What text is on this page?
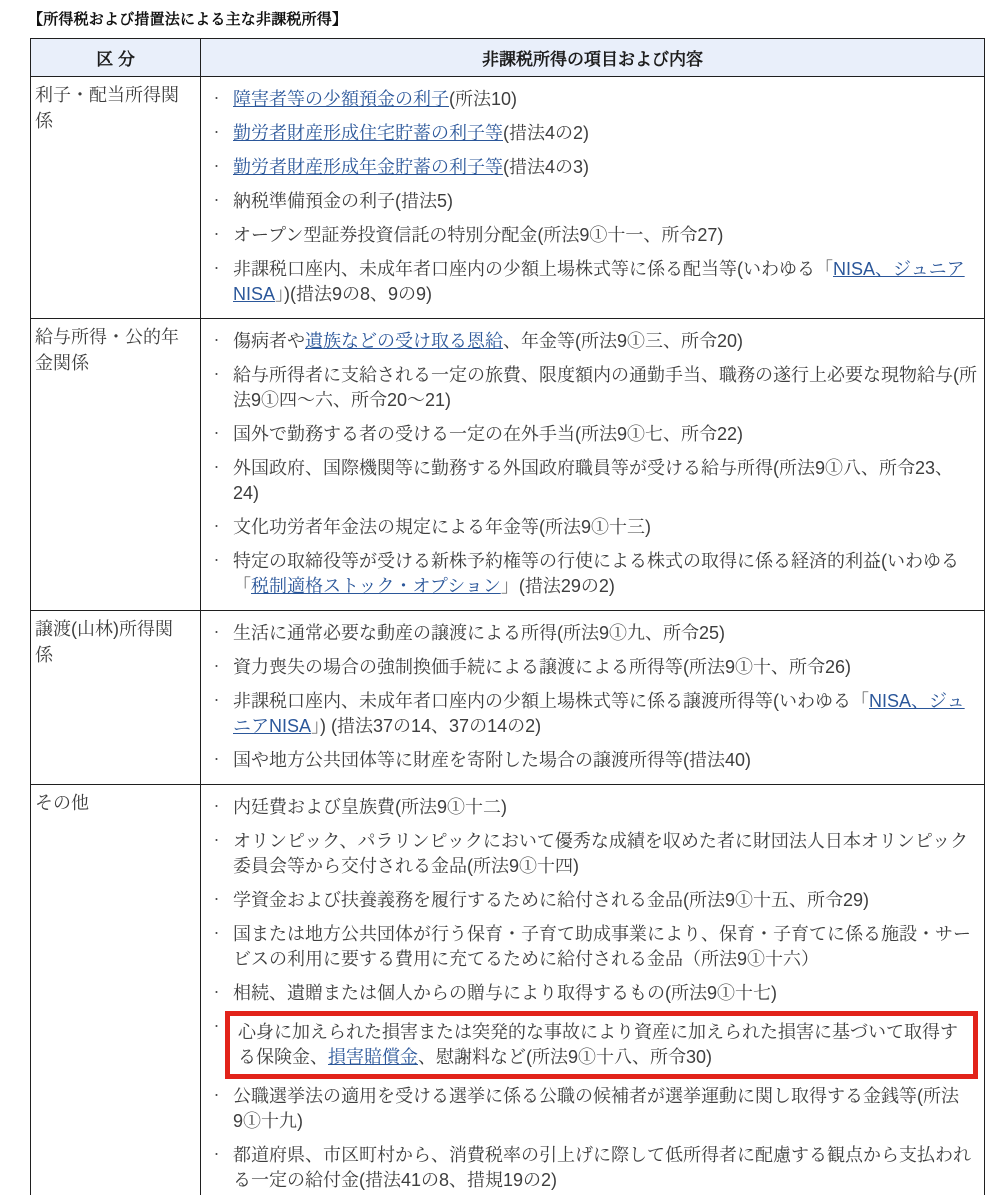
【所得税および措置法による主な非課税所得】
区 分	非課税所得の項目および内容
利子・配当所得関係	
・ 障害者等の少額預金の利子(所法10)
・ 勤労者財産形成住宅貯蓄の利子等(措法4の2)
・ 勤労者財産形成年金貯蓄の利子等(措法4の3)
・ 納税準備預金の利子(措法5)
・ オープン型証券投資信託の特別分配金(所法9①十一、所令27)
・ 非課税口座内、未成年者口座内の少額上場株式等に係る配当等(いわゆる「NISA、ジュニアNISA」)(措法9の8、9の9)

給与所得・公的年金関係	
・ 傷病者や遺族などの受け取る恩給、年金等(所法9①三、所令20)
・ 給与所得者に支給される一定の旅費、限度額内の通勤手当、職務の遂行上必要な現物給与(所法9①四～六、所令20～21)
・ 国外で勤務する者の受ける一定の在外手当(所法9①七、所令22)
・ 外国政府、国際機関等に勤務する外国政府職員等が受ける給与所得(所法9①八、所令23、24)
・ 文化功労者年金法の規定による年金等(所法9①十三)
・ 特定の取締役等が受ける新株予約権等の行使による株式の取得に係る経済的利益(いわゆる「税制適格ストック・オプション」(措法29の2)

譲渡(山林)所得関係	
・ 生活に通常必要な動産の譲渡による所得(所法9①九、所令25)
・ 資力喪失の場合の強制換価手続による譲渡による所得等(所法9①十、所令26)
・ 非課税口座内、未成年者口座内の少額上場株式等に係る譲渡所得等(いわゆる「NISA、ジュニアNISA」) (措法37の14、37の14の2)
・ 国や地方公共団体等に財産を寄附した場合の譲渡所得等(措法40)

その他	・ 内廷費および皇族費(所法9①十二)
・ オリンピック、パラリンピックにおいて優秀な成績を収めた者に財団法人日本オリンピック委員会等から交付される金品(所法9①十四)
・ 学資金および扶養義務を履行するために給付される金品(所法9①十五、所令29)
・ 国または地方公共団体が行う保育・子育て助成事業により、保育・子育てに係る施設・サービスの利用に要する費用に充てるために給付される金品（所法9①十六）
・ 相続、遺贈または個人からの贈与により取得するもの(所法9①十七)
・ 心身に加えられた損害または突発的な事故により資産に加えられた損害に基づいて取得する保険金、損害賠償金、慰謝料など(所法9①十八、所令30)
・ 公職選挙法の適用を受ける選挙に係る公職の候補者が選挙運動に関し取得する金銭等(所法9①十九)
・ 都道府県、市区町村から、消費税率の引上げに際して低所得者に配慮する観点から支払われる一定の給付金(措法41の8、措規19の2)
